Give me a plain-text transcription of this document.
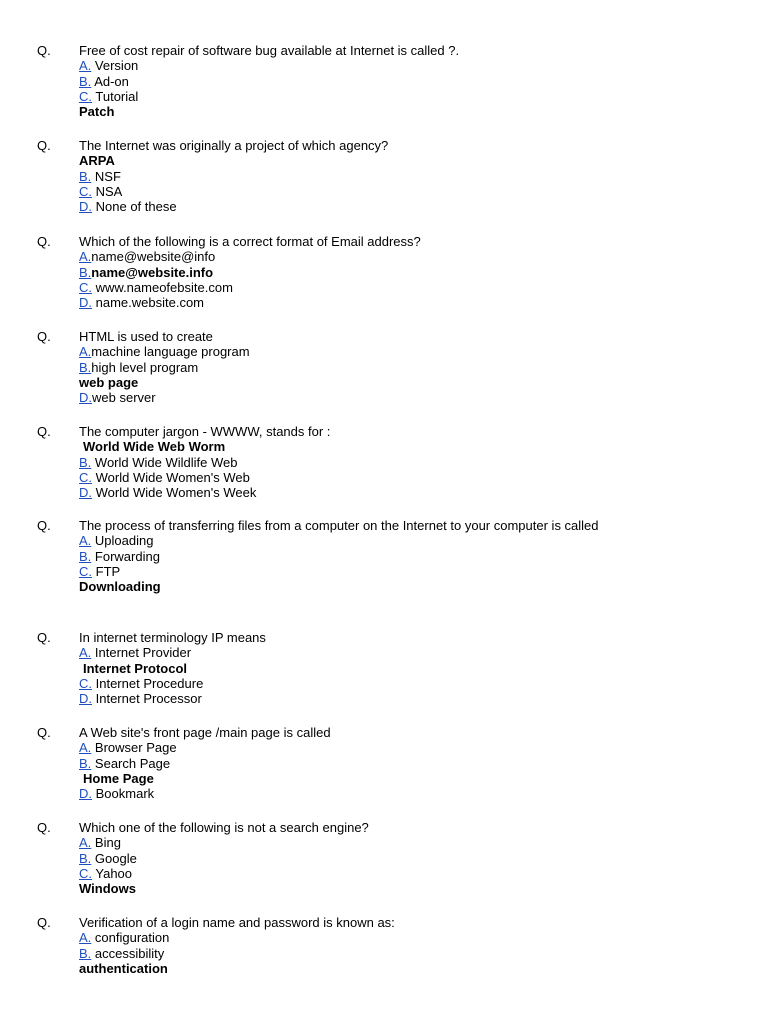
Q. Free of cost repair of software bug available at Internet is called ?.
A. Version
B. Ad-on
C. Tutorial
Patch
Q. The Internet was originally a project of which agency?
ARPA
B. NSF
C. NSA
D. None of these
Q. Which of the following is a correct format of Email address?
A.name@website@info
B.name@website.info
C. www.nameofebsite.com
D. name.website.com
Q. HTML is used to create
A.machine language program
B.high level program
web page
D.web server
Q. The computer jargon - WWWW, stands for :
World Wide Web Worm
B. World Wide Wildlife Web
C. World Wide Women's Web
D. World Wide Women's Week
Q. The process of transferring files from a computer on the Internet to your computer is called
A. Uploading
B. Forwarding
C. FTP
Downloading
Q. In internet terminology IP means
A. Internet Provider
Internet Protocol
C. Internet Procedure
D. Internet Processor
Q. A Web site's front page /main page is called
A. Browser Page
B. Search Page
Home Page
D. Bookmark
Q. Which one of the following is not a search engine?
A. Bing
B. Google
C. Yahoo
Windows
Q. Verification of a login name and password is known as:
A. configuration
B. accessibility
authentication
